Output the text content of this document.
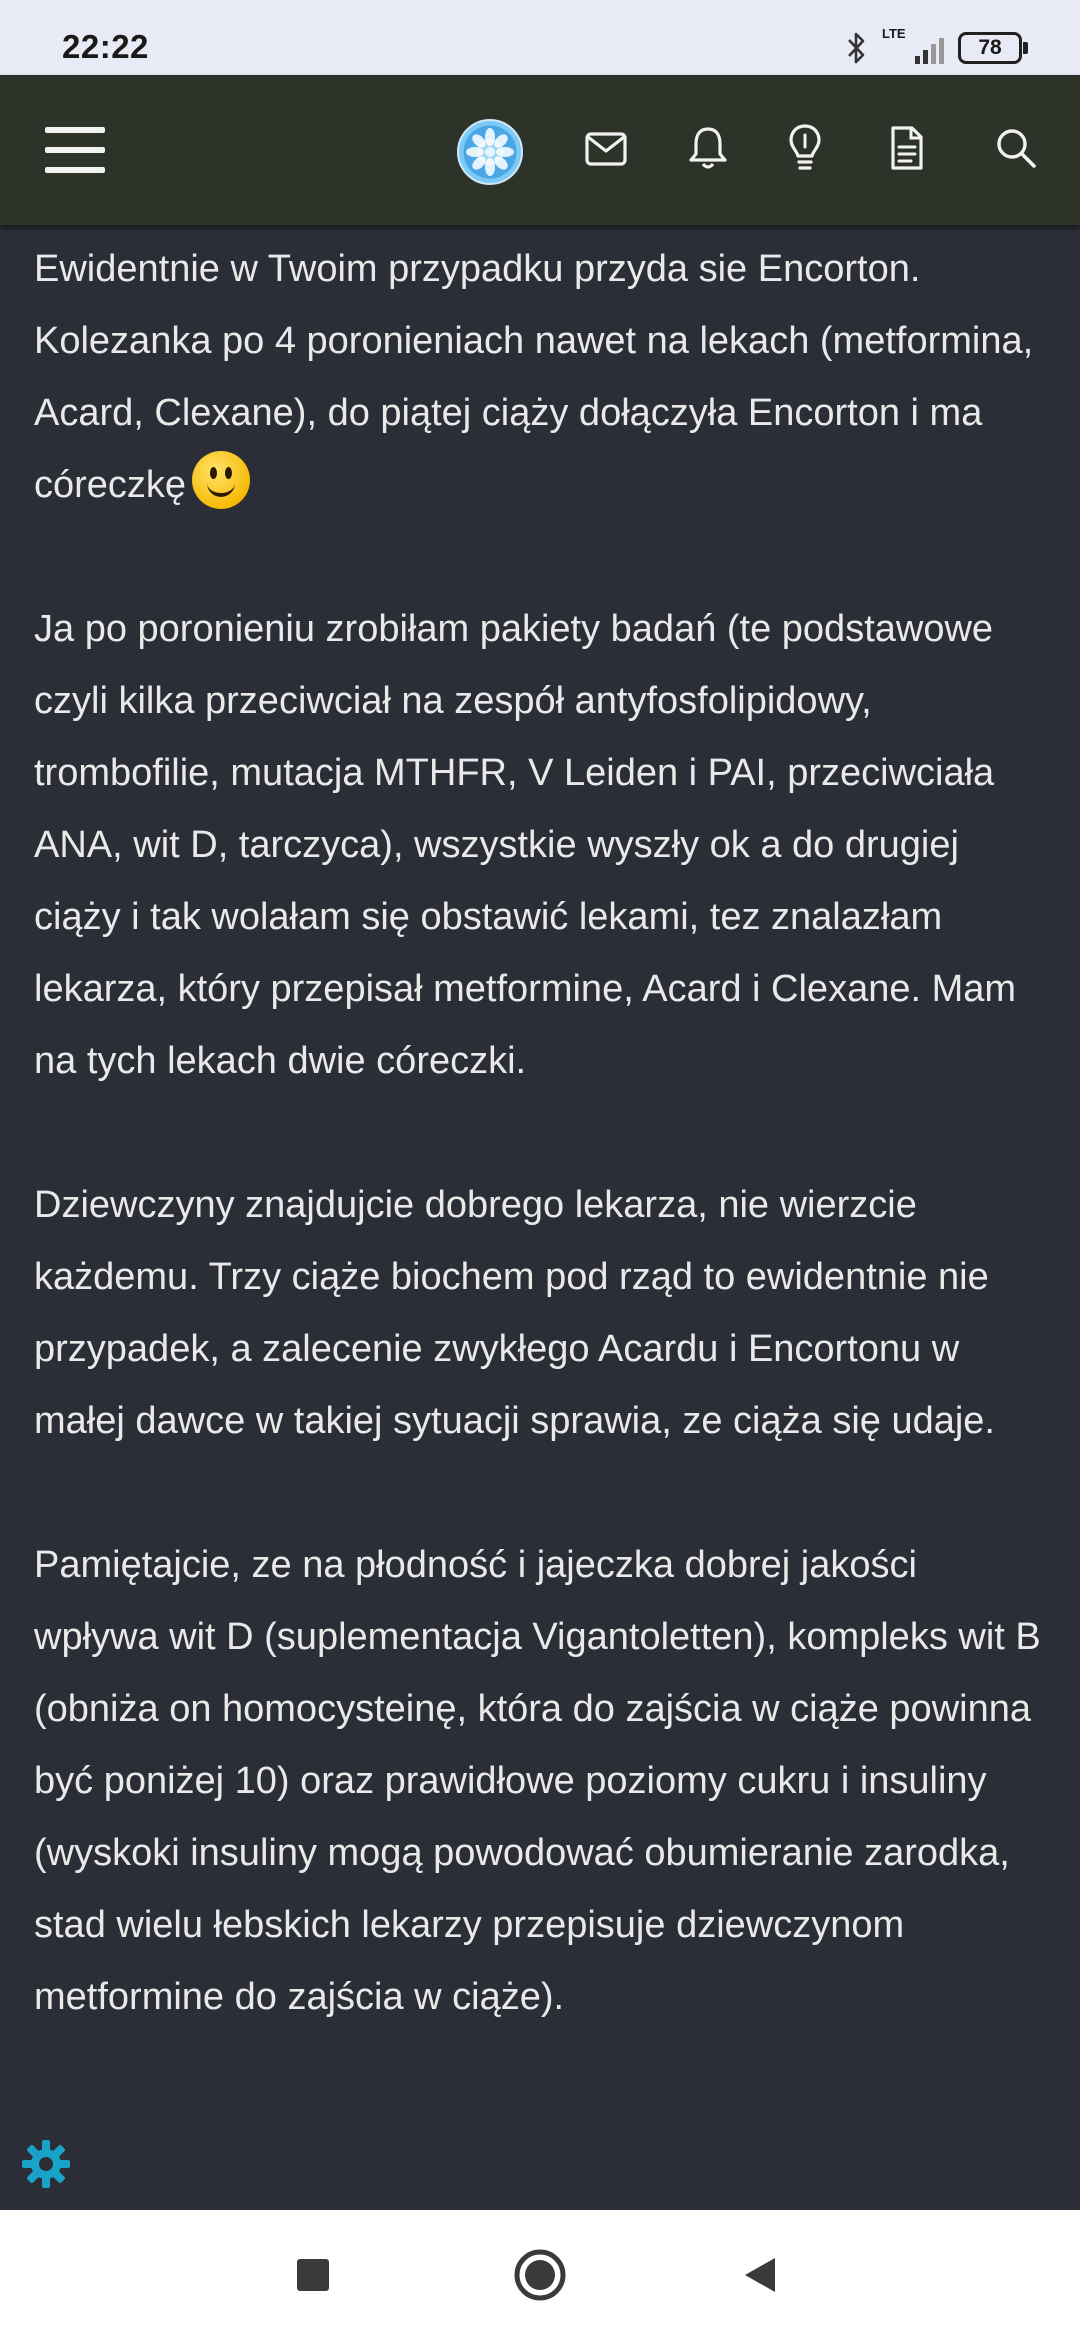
22:22	LTE
78

Ewidentnie w Twoim przypadku przyda sie Encorton. Kolezanka po 4 poronieniach nawet na lekach (metformina, Acard, Clexane), do piątej ciąży dołączyła Encorton i ma córeczkę

Ja po poronieniu zrobiłam pakiety badań (te podstawowe czyli kilka przeciwciał na zespół antyfosfolipidowy, trombofilie, mutacja MTHFR, V Leiden i PAI, przeciwciała ANA, wit D, tarczyca), wszystkie wyszły ok a do drugiej ciąży i tak wolałam się obstawić lekami, tez znalazłam lekarza, który przepisał metformine, Acard i Clexane. Mam na tych lekach dwie córeczki.

Dziewczyny znajdujcie dobrego lekarza, nie wierzcie każdemu. Trzy ciąże biochem pod rząd to ewidentnie nie przypadek, a zalecenie zwykłego Acardu i Encortonu w małej dawce w takiej sytuacji sprawia, ze ciąża się udaje.

Pamiętajcie, ze na płodność i jajeczka dobrej jakości wpływa wit D (suplementacja Vigantoletten), kompleks wit B (obniża on homocysteinę, która do zajścia w ciąże powinna być poniżej 10) oraz prawidłowe poziomy cukru i insuliny (wyskoki insuliny mogą powodować obumieranie zarodka, stad wielu łebskich lekarzy przepisuje dziewczynom metformine do zajścia w ciąże).
